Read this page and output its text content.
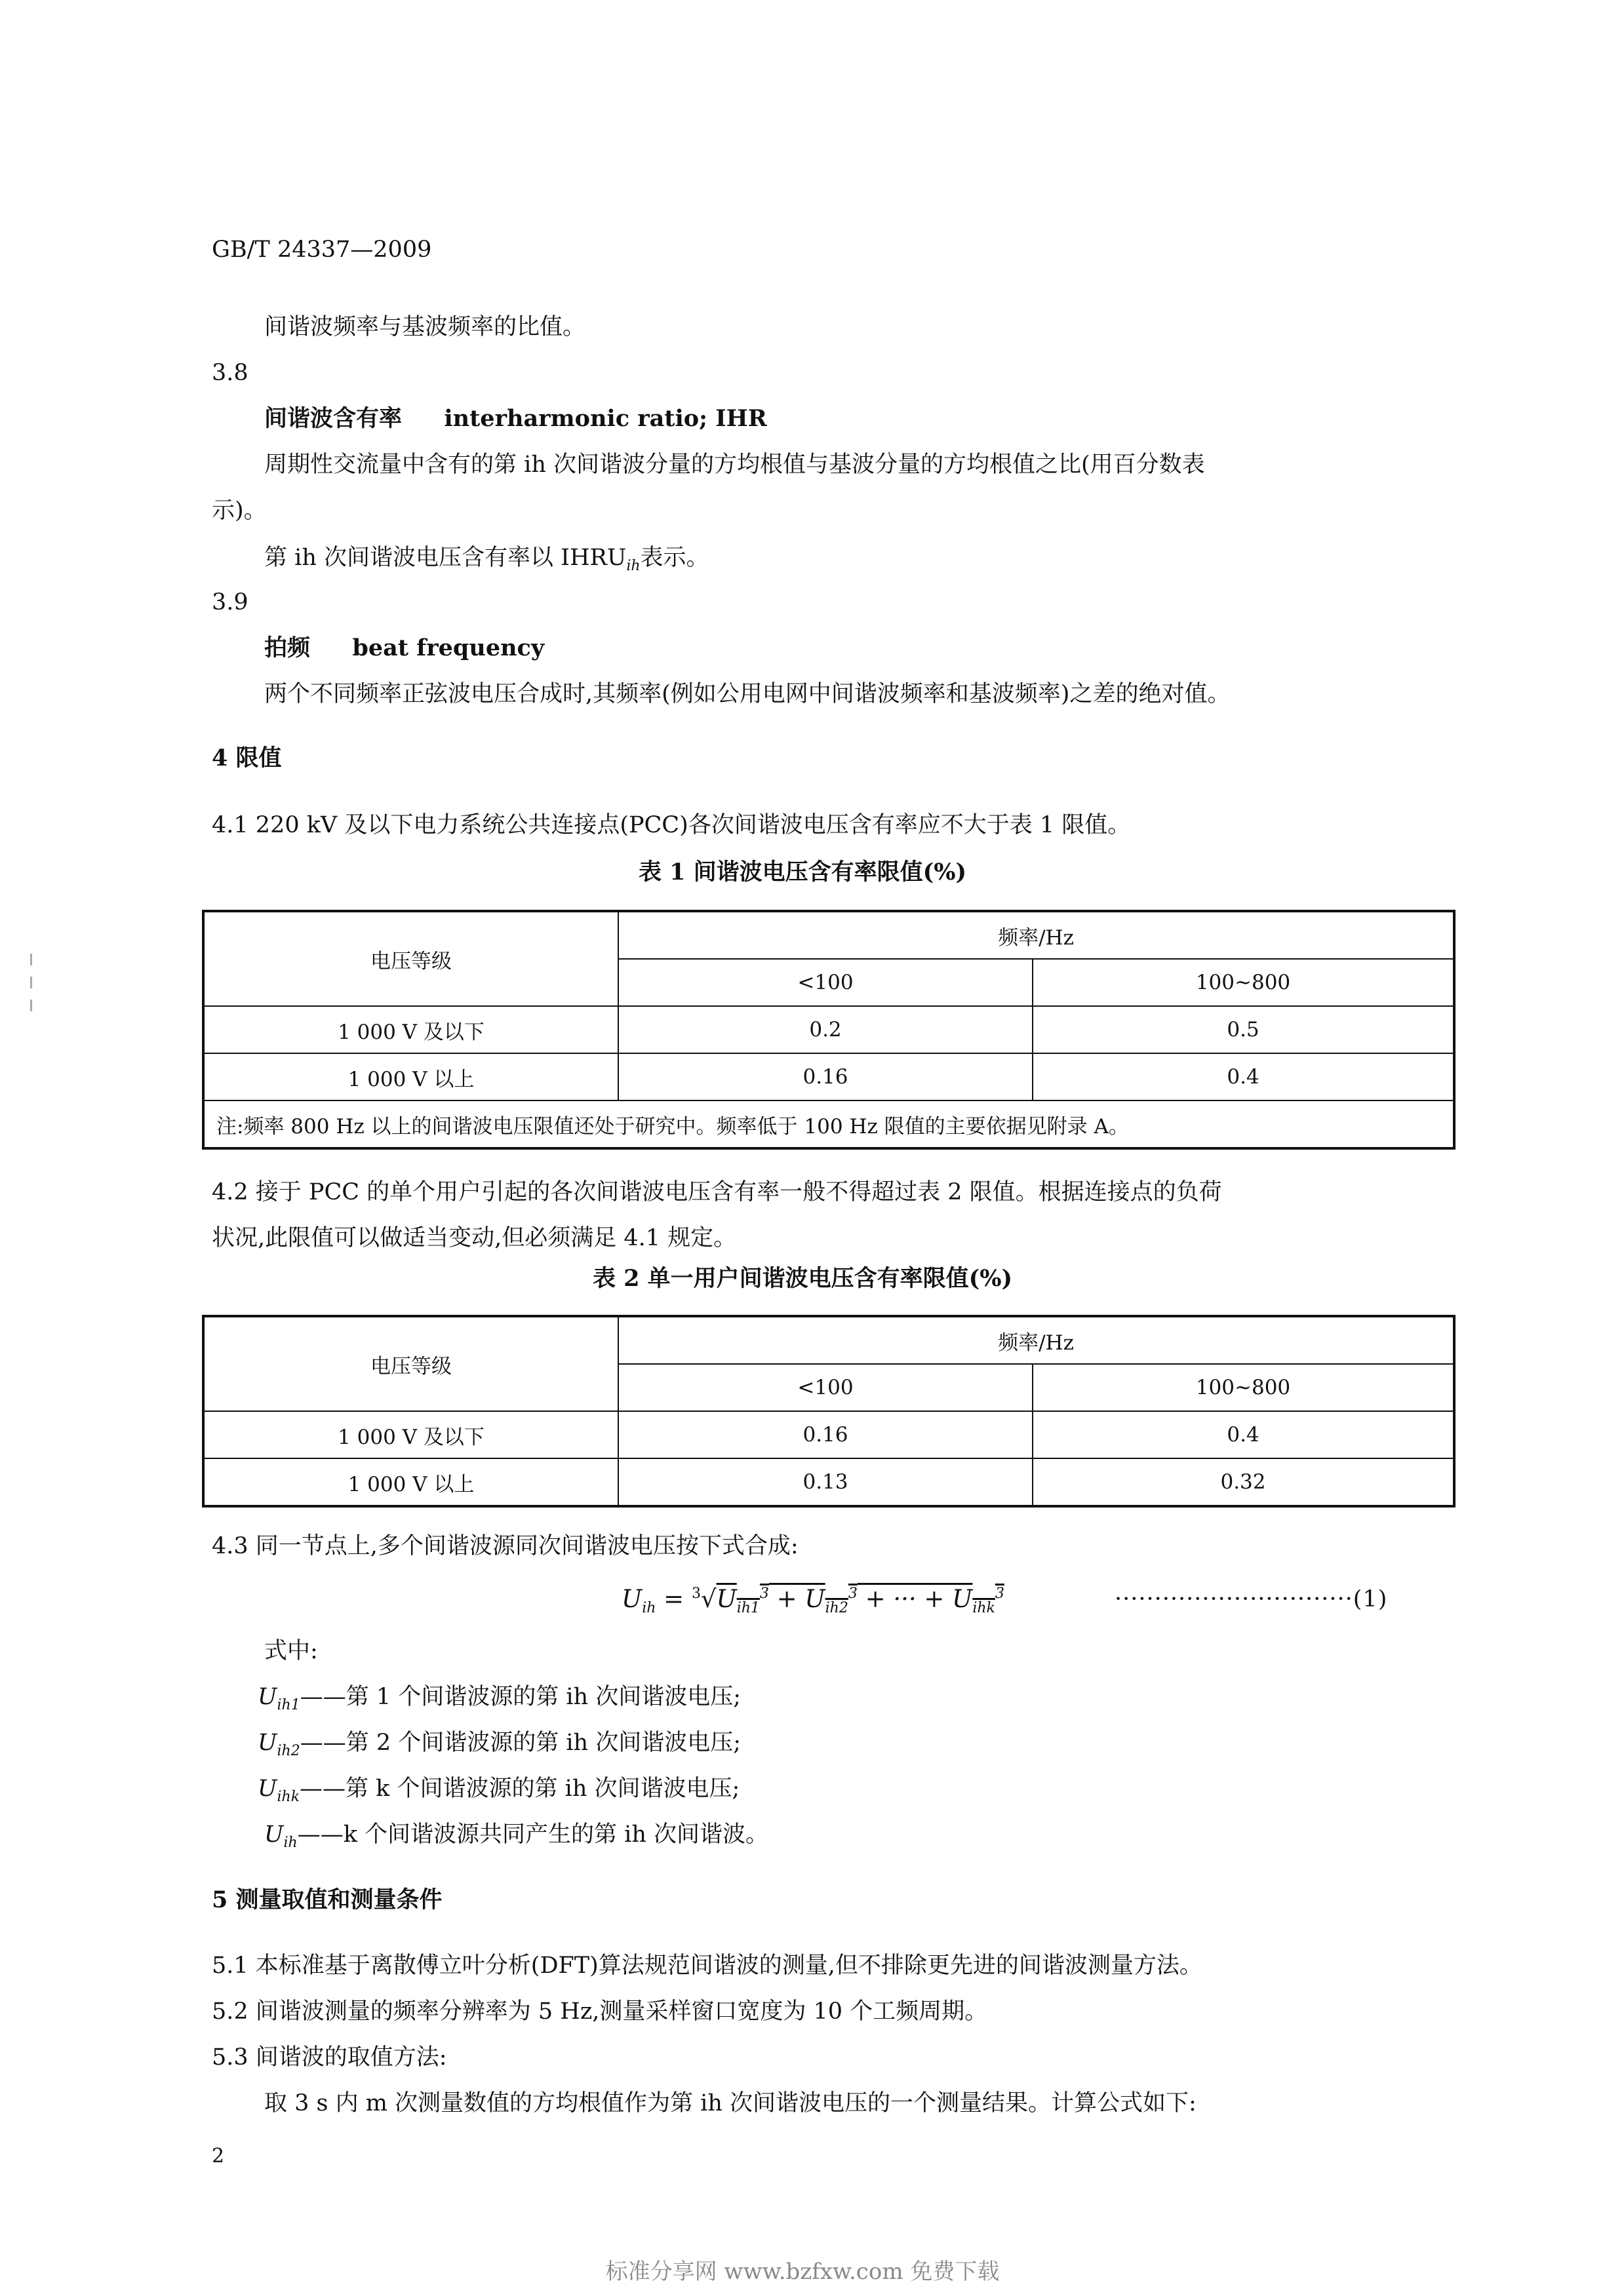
GB/T 24337—2009
间谐波频率与基波频率的比值。
3.8
间谐波含有率 interharmonic ratio; IHR
周期性交流量中含有的第 ih 次间谐波分量的方均根值与基波分量的方均根值之比(用百分数表
示)。
第 ih 次间谐波电压含有率以 $IHRU_{ih}$表示。
3.9
拍频 beat frequency
两个不同频率正弦波电压合成时,其频率(例如公用电网中间谐波频率和基波频率)之差的绝对值。
4 限值
4.1 220 kV 及以下电力系统公共连接点(PCC)各次间谐波电压含有率应不大于表 1 限值。
表 1 间谐波电压含有率限值(%)
电压等级	频率/Hz	
	<100	100~800
1 000 V 及以下	0.2	0.5
1 000 V 以上	0.16	0.4
注:频率 800 Hz 以上的间谐波电压限值还处于研究中。频率低于 100 Hz 限值的主要依据见附录 A。		
4.2 接于 PCC 的单个用户引起的各次间谐波电压含有率一般不得超过表 2 限值。根据连接点的负荷
状况,此限值可以做适当变动,但必须满足 4.1 规定。
表 2 单一用户间谐波电压含有率限值(%)
电压等级	频率/Hz	
	<100	100~800
1 000 V 及以下	0.16	0.4
1 000 V 以上	0.13	0.32
4.3 同一节点上,多个间谐波源同次间谐波电压按下式合成:
$U_{ih} = ^3√U_{ih1}^3 + U_{ih2}^3$ + ··· + $U_{ihk}^3$	······························(1)
式中:
$U_{ih1}——$第 1 个间谐波源的第 ih 次间谐波电压;
$U_{ih2}——$第 2 个间谐波源的第 ih 次间谐波电压;
$U_{ihk}——$第 k 个间谐波源的第 ih 次间谐波电压;
$U_{ih}——k$ 个间谐波源共同产生的第 ih 次间谐波。
5 测量取值和测量条件
5.1 本标准基于离散傅立叶分析(DFT)算法规范间谐波的测量,但不排除更先进的间谐波测量方法。
5.2 间谐波测量的频率分辨率为 5 Hz,测量采样窗口宽度为 10 个工频周期。
5.3 间谐波的取值方法:
取 3 s 内 m 次测量数值的方均根值作为第 ih 次间谐波电压的一个测量结果。计算公式如下:
2
标准分享网 www.bzfxw.com 免费下载
